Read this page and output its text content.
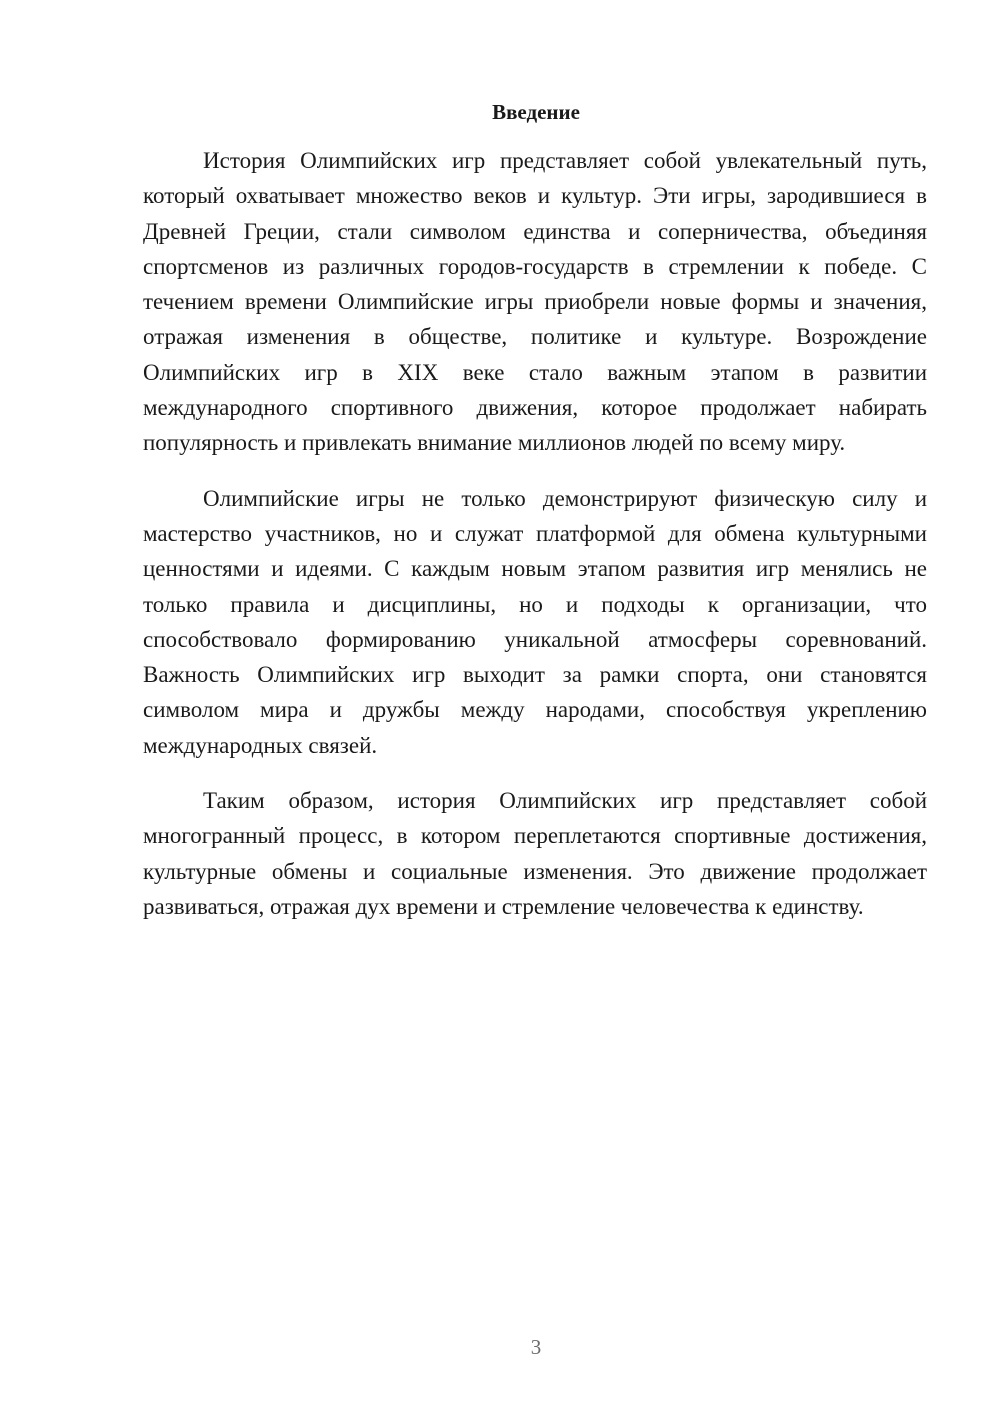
Введение

История Олимпийских игр представляет собой увлекательный путь, который охватывает множество веков и культур. Эти игры, зародившиеся в Древней Греции, стали символом единства и соперничества, объединяя спортсменов из различных городов-государств в стремлении к победе. С течением времени Олимпийские игры приобрели новые формы и значения, отражая изменения в обществе, политике и культуре. Возрождение Олимпийских игр в XIX веке стало важным этапом в развитии международного спортивного движения, которое продолжает набирать популярность и привлекать внимание миллионов людей по всему миру.

Олимпийские игры не только демонстрируют физическую силу и мастерство участников, но и служат платформой для обмена культурными ценностями и идеями. С каждым новым этапом развития игр менялись не только правила и дисциплины, но и подходы к организации, что способствовало формированию уникальной атмосферы соревнований. Важность Олимпийских игр выходит за рамки спорта, они становятся символом мира и дружбы между народами, способствуя укреплению международных связей.

Таким образом, история Олимпийских игр представляет собой многогранный процесс, в котором переплетаются спортивные достижения, культурные обмены и социальные изменения. Это движение продолжает развиваться, отражая дух времени и стремление человечества к единству.

3
